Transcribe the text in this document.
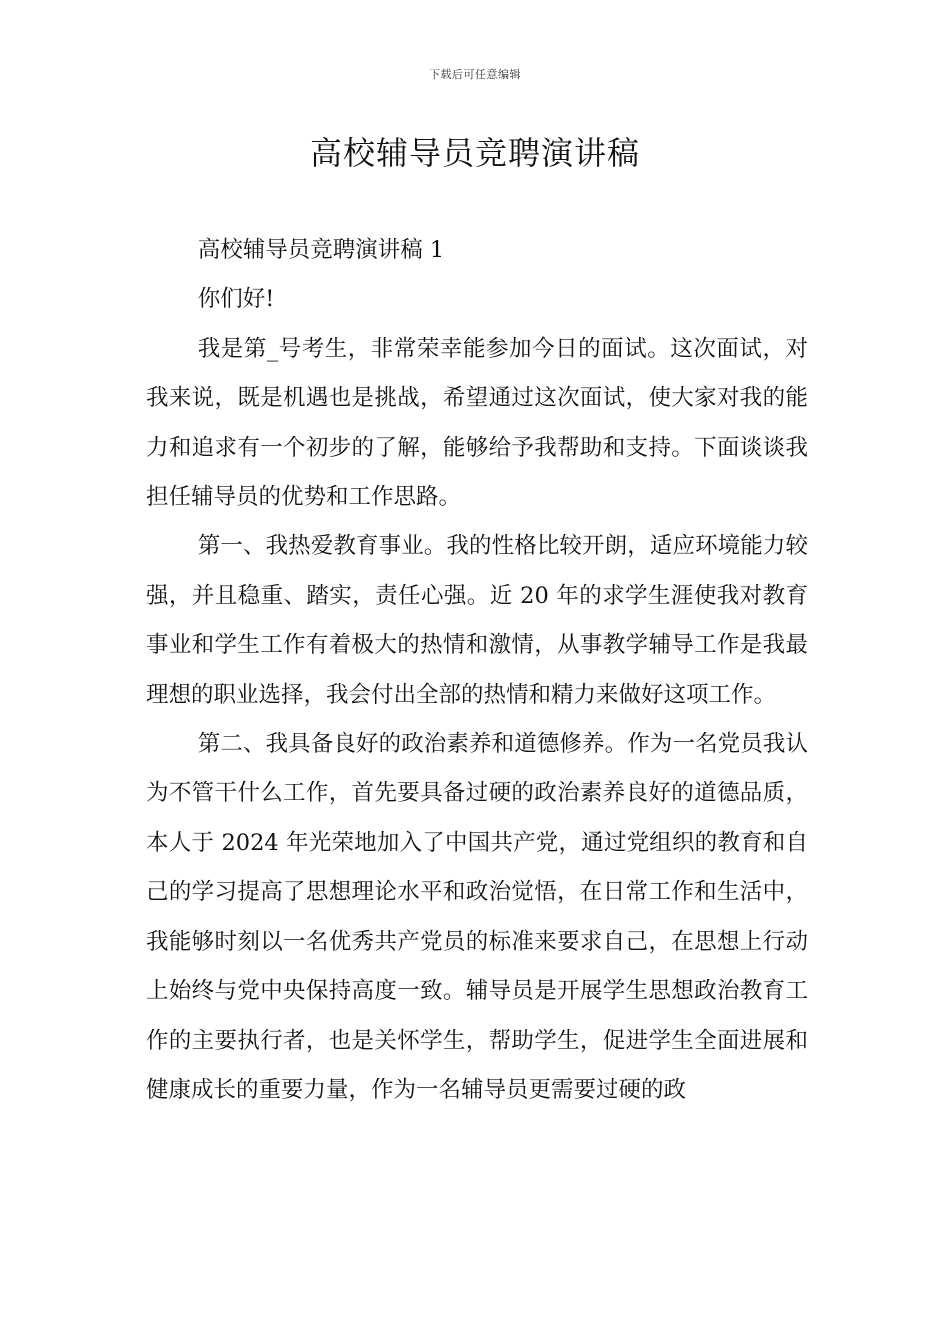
下载后可任意编辑
高校辅导员竞聘演讲稿

高校辅导员竞聘演讲稿 1

你们好!

我是第_号考生，非常荣幸能参加今日的面试。这次面试，对我来说，既是机遇也是挑战，希望通过这次面试，使大家对我的能力和追求有一个初步的了解，能够给予我帮助和支持。下面谈谈我担任辅导员的优势和工作思路。

第一、我热爱教育事业。我的性格比较开朗，适应环境能力较强，并且稳重、踏实，责任心强。近 20 年的求学生涯使我对教育事业和学生工作有着极大的热情和激情，从事教学辅导工作是我最理想的职业选择，我会付出全部的热情和精力来做好这项工作。

第二、我具备良好的政治素养和道德修养。作为一名党员我认为不管干什么工作，首先要具备过硬的政治素养良好的道德品质，本人于 2024 年光荣地加入了中国共产党，通过党组织的教育和自己的学习提高了思想理论水平和政治觉悟，在日常工作和生活中，我能够时刻以一名优秀共产党员的标准来要求自己，在思想上行动上始终与党中央保持高度一致。辅导员是开展学生思想政治教育工作的主要执行者，也是关怀学生，帮助学生，促进学生全面进展和健康成长的重要力量，作为一名辅导员更需要过硬的政
